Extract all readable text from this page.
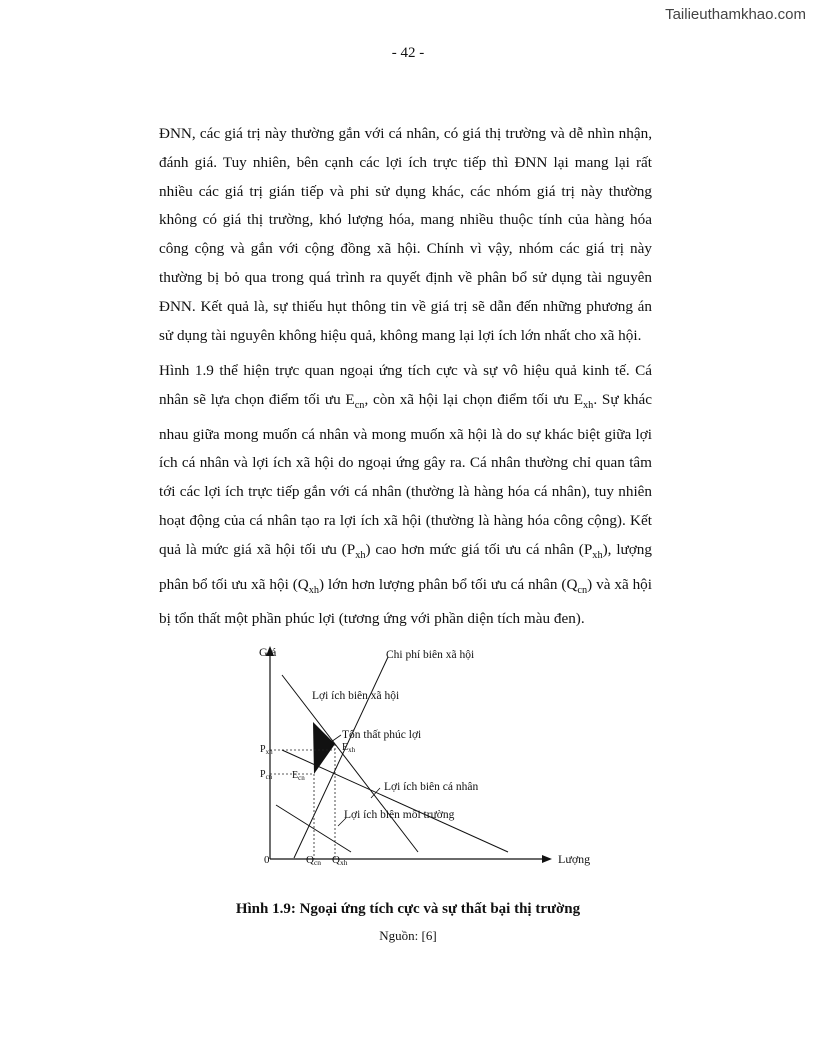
Tailieuthamkhao.com
- 42 -

ĐNN, các giá trị này thường gắn với cá nhân, có giá thị trường và dễ nhìn nhận, đánh giá. Tuy nhiên, bên cạnh các lợi ích trực tiếp thì ĐNN lại mang lại rất nhiều các giá trị gián tiếp và phi sử dụng khác, các nhóm giá trị này thường không có giá thị trường, khó lượng hóa, mang nhiều thuộc tính của hàng hóa công cộng và gắn với cộng đồng xã hội. Chính vì vậy, nhóm các giá trị này thường bị bỏ qua trong quá trình ra quyết định về phân bổ sử dụng tài nguyên ĐNN. Kết quả là, sự thiếu hụt thông tin về giá trị sẽ dẫn đến những phương án sử dụng tài nguyên không hiệu quả, không mang lại lợi ích lớn nhất cho xã hội.

Hình 1.9 thể hiện trực quan ngoại ứng tích cực và sự vô hiệu quả kinh tế. Cá nhân sẽ lựa chọn điểm tối ưu $E_{cn}$, còn xã hội lại chọn điểm tối ưu $E_{xh}$. Sự khác nhau giữa mong muốn cá nhân và mong muốn xã hội là do sự khác biệt giữa lợi ích cá nhân và lợi ích xã hội do ngoại ứng gây ra. Cá nhân thường chỉ quan tâm tới các lợi ích trực tiếp gắn với cá nhân (thường là hàng hóa cá nhân), tuy nhiên hoạt động của cá nhân tạo ra lợi ích xã hội (thường là hàng hóa công cộng). Kết quả là mức giá xã hội tối ưu $(P_{xh})$ cao hơn mức giá tối ưu cá nhân $(P_{xh})$, lượng phân bổ tối ưu xã hội $(Q_{xh})$ lớn hơn lượng phân bổ tối ưu cá nhân $(Q_{cn})$ và xã hội bị tổn thất một phần phúc lợi (tương ứng với phần diện tích màu đen).

Giá
Lượng
0
Chi phí biên xã hội
Lợi ích biên xã hội
Tổn thất phúc lợi
Lợi ích biên cá nhân
Lợi ích biên môi trường
$P_{xh}$
$P_{cn}$
$E_{xh}$
$E_{cn}$
Qcn Qxh
Hình 1.9: Ngoại ứng tích cực và sự thất bại thị trường
Nguồn: [6]
